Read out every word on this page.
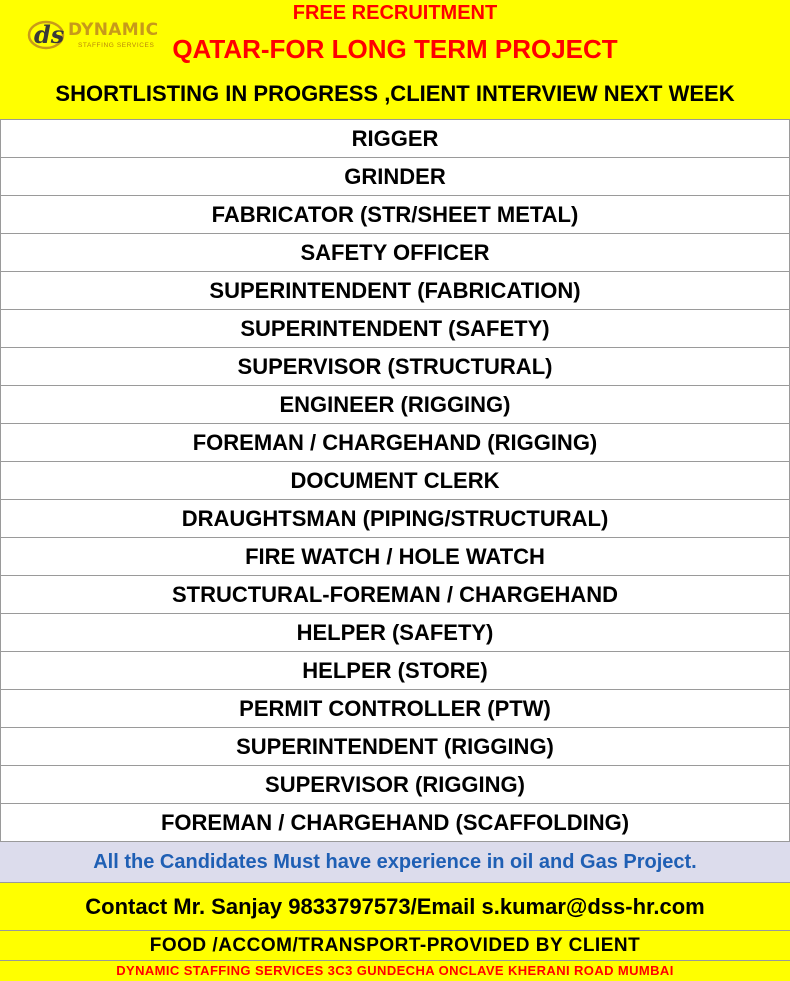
ds DYNAMIC
STAFFING SERVICES
FREE RECRUITMENT
QATAR-FOR LONG TERM PROJECT
SHORTLISTING IN PROGRESS ,CLIENT INTERVIEW NEXT WEEK
RIGGER
GRINDER
FABRICATOR (STR/SHEET METAL)
SAFETY OFFICER
SUPERINTENDENT (FABRICATION)
SUPERINTENDENT (SAFETY)
SUPERVISOR (STRUCTURAL)
ENGINEER (RIGGING)
FOREMAN / CHARGEHAND (RIGGING)
DOCUMENT CLERK
DRAUGHTSMAN (PIPING/STRUCTURAL)
FIRE WATCH / HOLE WATCH
STRUCTURAL-FOREMAN / CHARGEHAND
HELPER (SAFETY)
HELPER (STORE)
PERMIT CONTROLLER (PTW)
SUPERINTENDENT (RIGGING)
SUPERVISOR (RIGGING)
FOREMAN / CHARGEHAND (SCAFFOLDING)
All the Candidates Must have experience in oil and Gas Project.
Contact Mr. Sanjay 9833797573/Email s.kumar@dss-hr.com
FOOD /ACCOM/TRANSPORT-PROVIDED BY CLIENT
DYNAMIC STAFFING SERVICES 3C3 GUNDECHA ONCLAVE KHERANI ROAD MUMBAI
